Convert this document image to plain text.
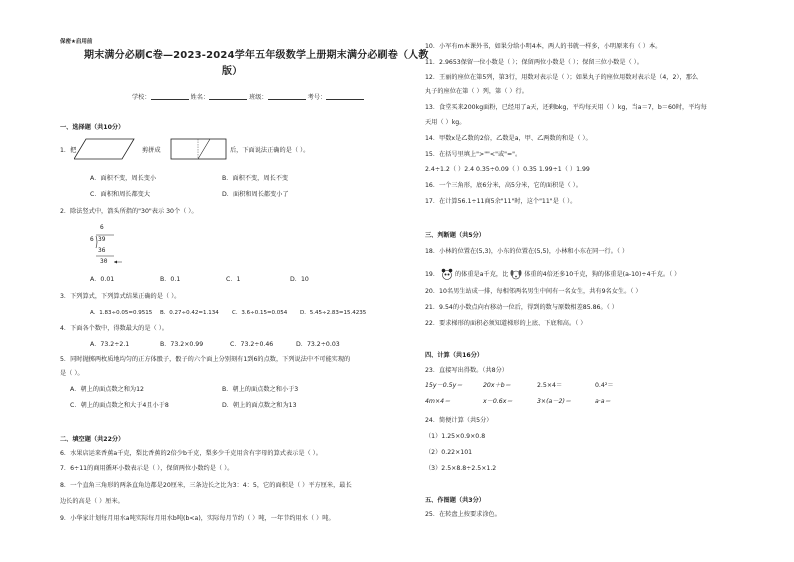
保密★启用前
期末满分必刷C卷—2023-2024学年五年级数学上册期末满分必刷卷（人教
版）
学校：	姓名：	班级：	考号：
一、选择题（共10分）
1．把	剪拼成	后，下面说法正确的是（ ）。
A．面积不变，周长变小	B．面积不变，周长不变
C．面积和周长都变大	D．面积和周长都变小了
2．除法竖式中，箭头所指的"30"表示 30个（ ）。
6
6 39
36
30
A．0.01	B．0.1	C．1	D．10
3．下列算式，下列算式结果正确的是（ ）。
A．1.83÷0.05=0.9515 B．0.27÷0.42=1.134 C．3.6÷0.15=0.054 D．5.45÷2.83=15.4235
4．下面各个数中，得数最大的是（ ）。
A．73.2÷2.1	B．73.2×0.99	C．73.2÷0.46	D．73.2÷0.03
5．同时抛掷两枚质地均匀的正方体骰子，骰子的六个面上分别刻有1到6的点数，下列说法中不可能实现的
是（ ）。
A．朝上的面点数之和为12	B．朝上的面点数之和小于3
C．朝上的面点数之和大于4且小于8	D．朝上的面点数之和为13
二、填空题（共22分）
6．水果店运来香蕉a千克，梨比香蕉的2倍少b千克，梨多少千克用含有字母的算式表示是（ ）。
7．6÷11的商用循环小数表示是（ ），保留两位小数约是（ ）。
8．一个直角三角形的两条直角边都是20厘米，三条边长之比为3：4：5，它的面积是（ ）平方厘米，最长
边长的高是（ ）厘米。
9．小华家计划每月用水a吨实际每月用水b吨(b<a)，实际每月节约（ ）吨，一年节约用水（ ）吨。
10．小军有m本课外书，如果分给小明4本，两人的书就一样多，小明原来有（ ）本。
11．2.9653保留一位小数是（ ）；保留两位小数是（ ）；保留三位小数是（ ）。
12．王丽的座位在第5列，第3行，用数对表示是（ ）；如果丸子的座位用数对表示是（4，2），那么
丸子的座位在第（ ）列，第（ ）行。
13．食堂买来200kg面粉，已经用了a天，还剩bkg，平均每天用（ ）kg，当a＝7，b＝60时，平均每
天用（ ）kg。
14．甲数x是乙数的2倍，乙数是a，甲、乙两数的和是（ ）。
15．在括号里填上">""<"或"="。
2.4÷1.2（ ）2.4 0.35÷0.09（ ）0.35 1.99÷1（ ）1.99
16．一个三角形，底6分米，高5分米，它的面积是（ ）。
17．在计算56.1÷11商5余"11"时，这个"11"是（ ）。
三、判断题（共5分）
18．小林的位置在(5,3)，小东的位置在(5,5)，小林和小东在同一行。（ ）
19．	的体重是a千克，比	体重的4倍还多10千克，狗的体重是(a-10)÷4千克。（ ）
20．10名男生站成一排，每相邻两名男生中间有一名女生，共有9名女生。（ ）
21．9.54的小数点向右移动一位后，得到的数与原数相差85.86。（ ）
22．要求梯形的面积必须知道梯形的上底、下底和高。（ ）
四、计算（共16分）
23．直接写出得数。（共8分）
15y－0.5y＝	20x＋b＝	2.5×4＝	0.4²＝
4m×4＝	x－0.6x＝	3×(a－2)＝	a·a＝
24．简便计算（共5分）
（1）1.25×0.9×0.8
（2）0.22×101
（3）2.5×8.8÷2.5×1.2
五、作图题（共3分）
25．在转盘上按要求涂色。
